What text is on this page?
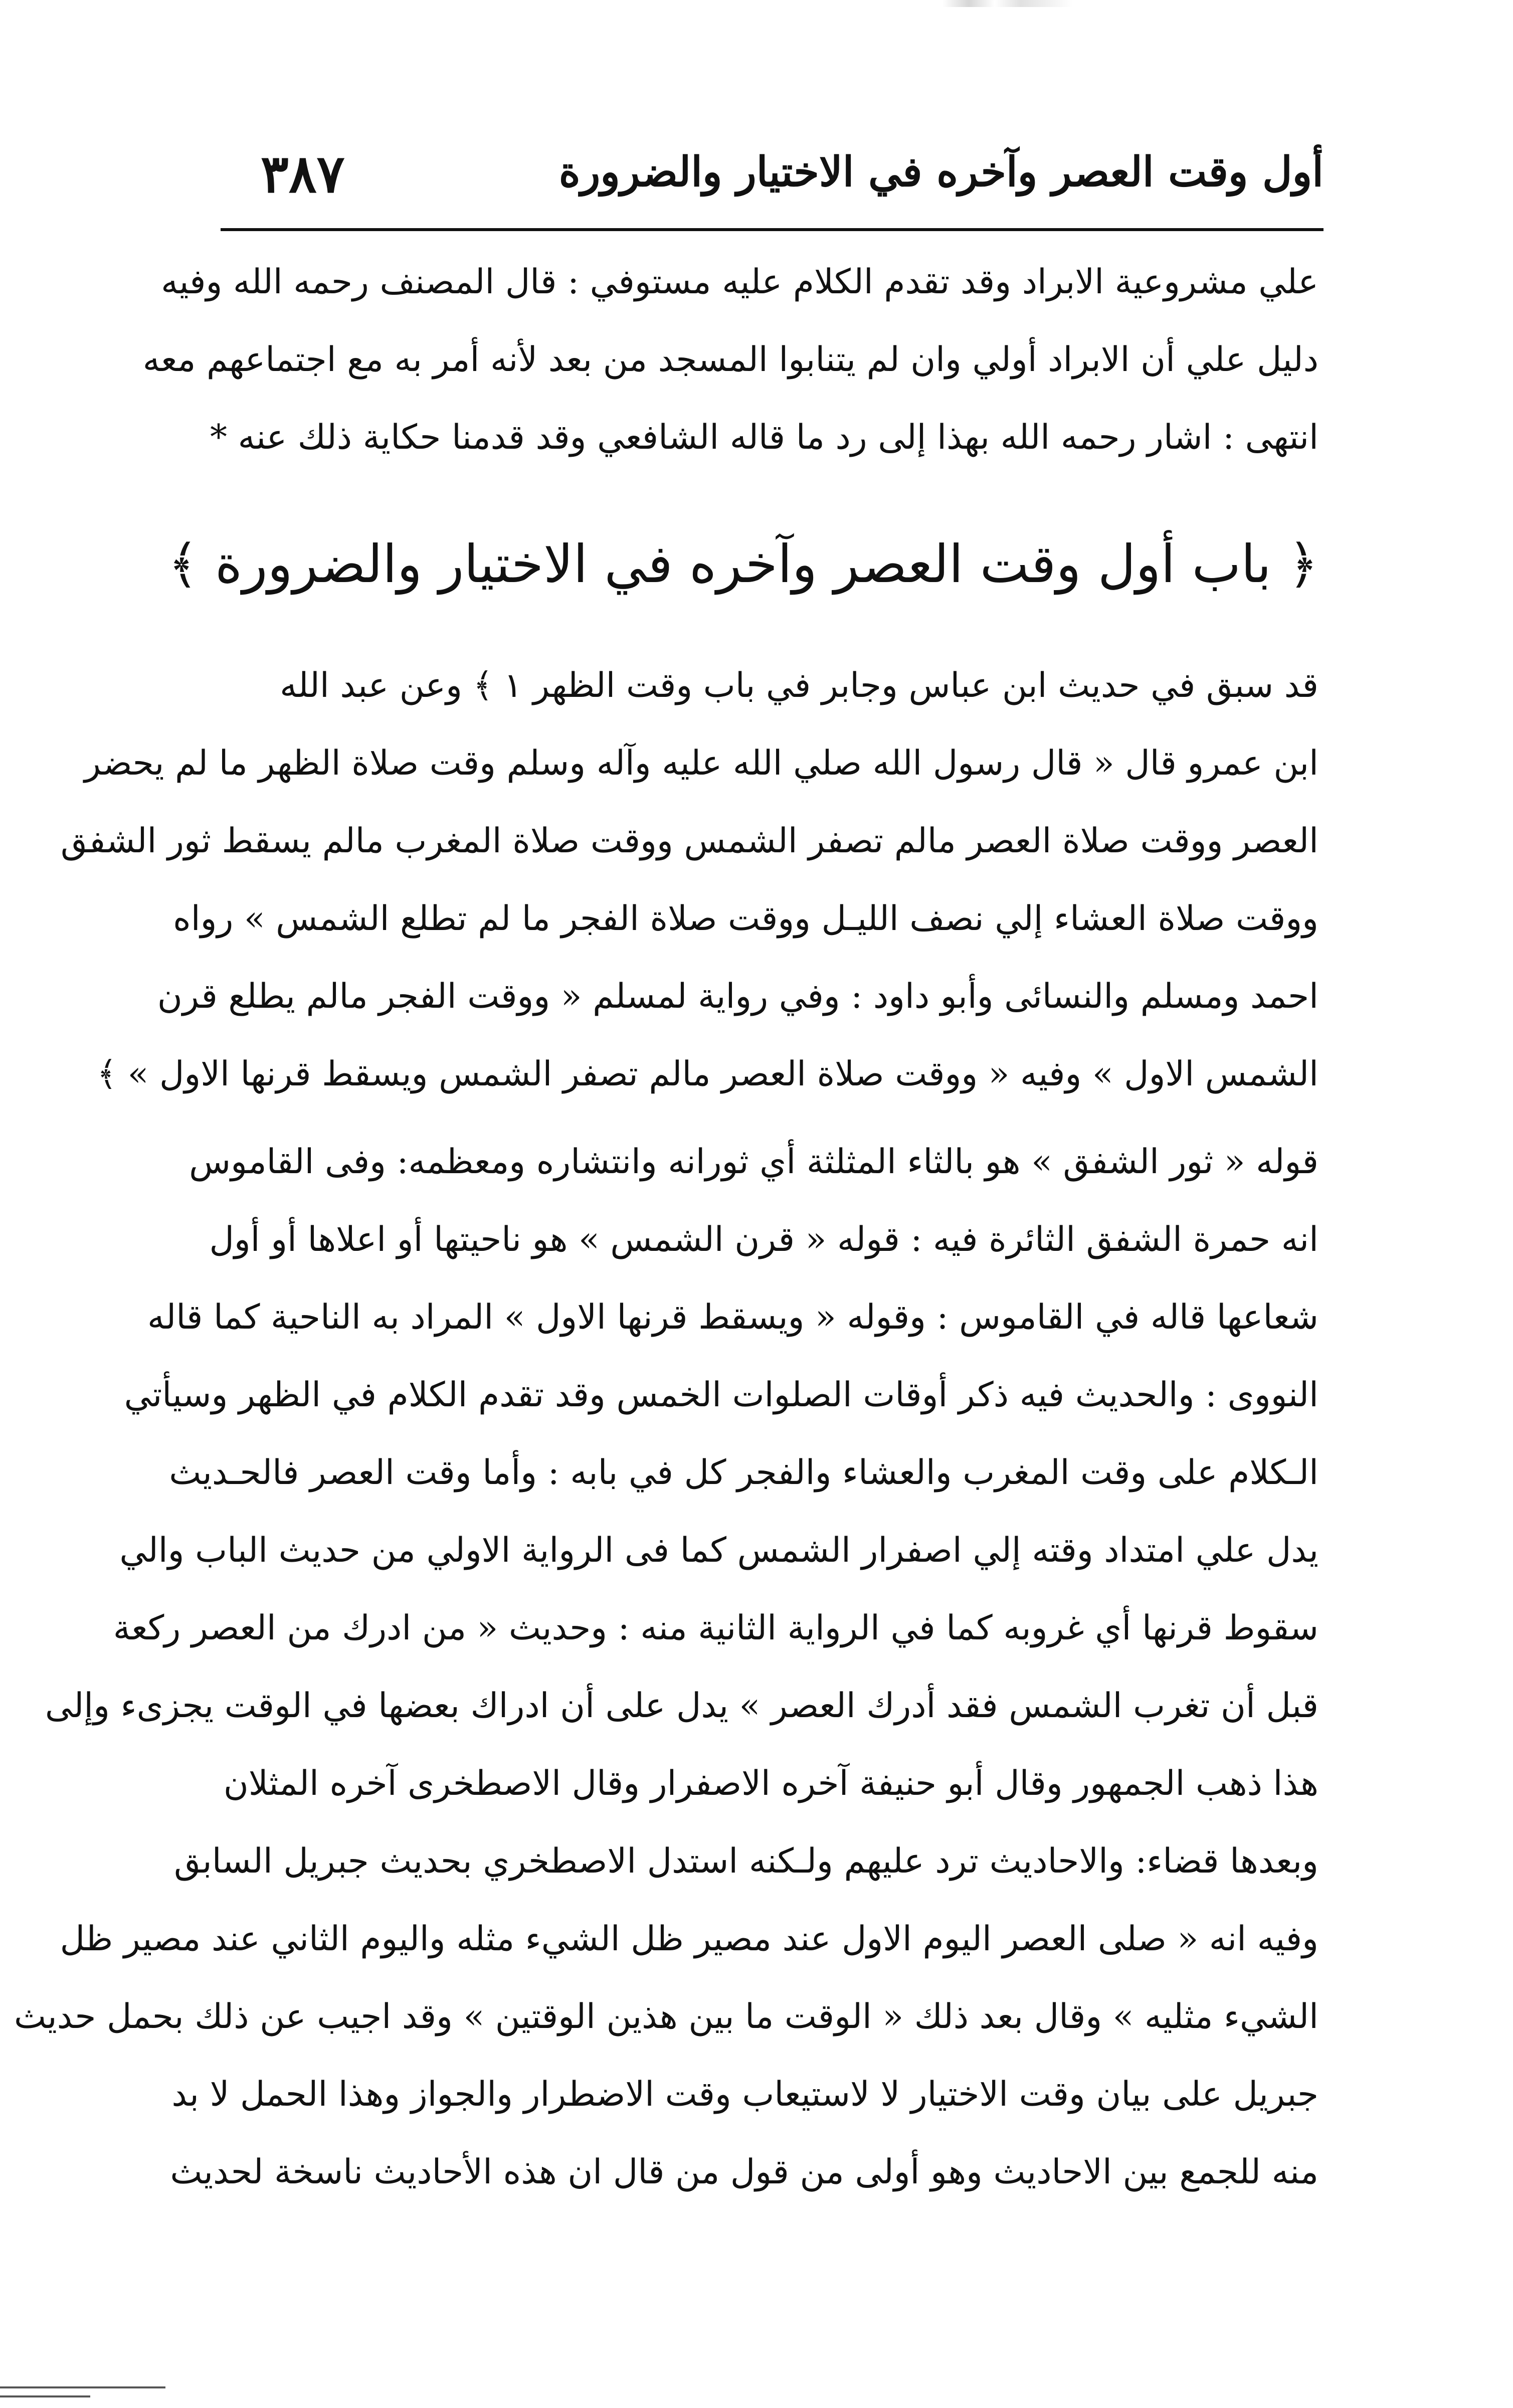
أول وقت العصر وآخره في الاختيار والضرورة
٣٨٧
علي مشروعية الابراد وقد تقدم الكلام عليه مستوفي : قال المصنف رحمه الله وفيه
دليل علي أن الابراد أولي وان لم يتنابوا المسجد من بعد لأنه أمر به مع اجتماعهم معه
انتهى : اشار رحمه الله بهذا إلى رد ما قاله الشافعي وقد قدمنا حكاية ذلك عنه *
﴿ باب أول وقت العصر وآخره في الاختيار والضرورة ﴾
قد سبق في حديث ابن عباس وجابر في باب وقت الظهر ١ ﴾ وعن عبد الله
ابن عمرو قال « قال رسول الله صلي الله عليه وآله وسلم وقت صلاة الظهر ما لم يحضر
العصر ووقت صلاة العصر مالم تصفر الشمس ووقت صلاة المغرب مالم يسقط ثور الشفق
ووقت صلاة العشاء إلي نصف الليـل ووقت صلاة الفجر ما لم تطلع الشمس » رواه
احمد ومسلم والنسائى وأبو داود : وفي رواية لمسلم « ووقت الفجر مالم يطلع قرن
الشمس الاول » وفيه « ووقت صلاة العصر مالم تصفر الشمس ويسقط قرنها الاول » ﴾
قوله « ثور الشفق » هو بالثاء المثلثة أي ثورانه وانتشاره ومعظمه: وفى القاموس
انه حمرة الشفق الثائرة فيه : قوله « قرن الشمس » هو ناحيتها أو اعلاها أو أول
شعاعها قاله في القاموس : وقوله « ويسقط قرنها الاول » المراد به الناحية كما قاله
النووى : والحديث فيه ذكر أوقات الصلوات الخمس وقد تقدم الكلام في الظهر وسيأتي
الـكلام على وقت المغرب والعشاء والفجر كل في بابه : وأما وقت العصر فالحـديث
يدل علي امتداد وقته إلي اصفرار الشمس كما فى الرواية الاولي من حديث الباب والي
سقوط قرنها أي غروبه كما في الرواية الثانية منه : وحديث « من ادرك من العصر ركعة
قبل أن تغرب الشمس فقد أدرك العصر » يدل على أن ادراك بعضها في الوقت يجزىء وإلى
هذا ذهب الجمهور وقال أبو حنيفة آخره الاصفرار وقال الاصطخرى آخره المثلان
وبعدها قضاء: والاحاديث ترد عليهم ولـكنه استدل الاصطخري بحديث جبريل السابق
وفيه انه « صلى العصر اليوم الاول عند مصير ظل الشيء مثله واليوم الثاني عند مصير ظل
الشيء مثليه » وقال بعد ذلك « الوقت ما بين هذين الوقتين » وقد اجيب عن ذلك بحمل حديث
جبريل على بيان وقت الاختيار لا لاستيعاب وقت الاضطرار والجواز وهذا الحمل لا بد
منه للجمع بين الاحاديث وهو أولى من قول من قال ان هذه الأحاديث ناسخة لحديث
